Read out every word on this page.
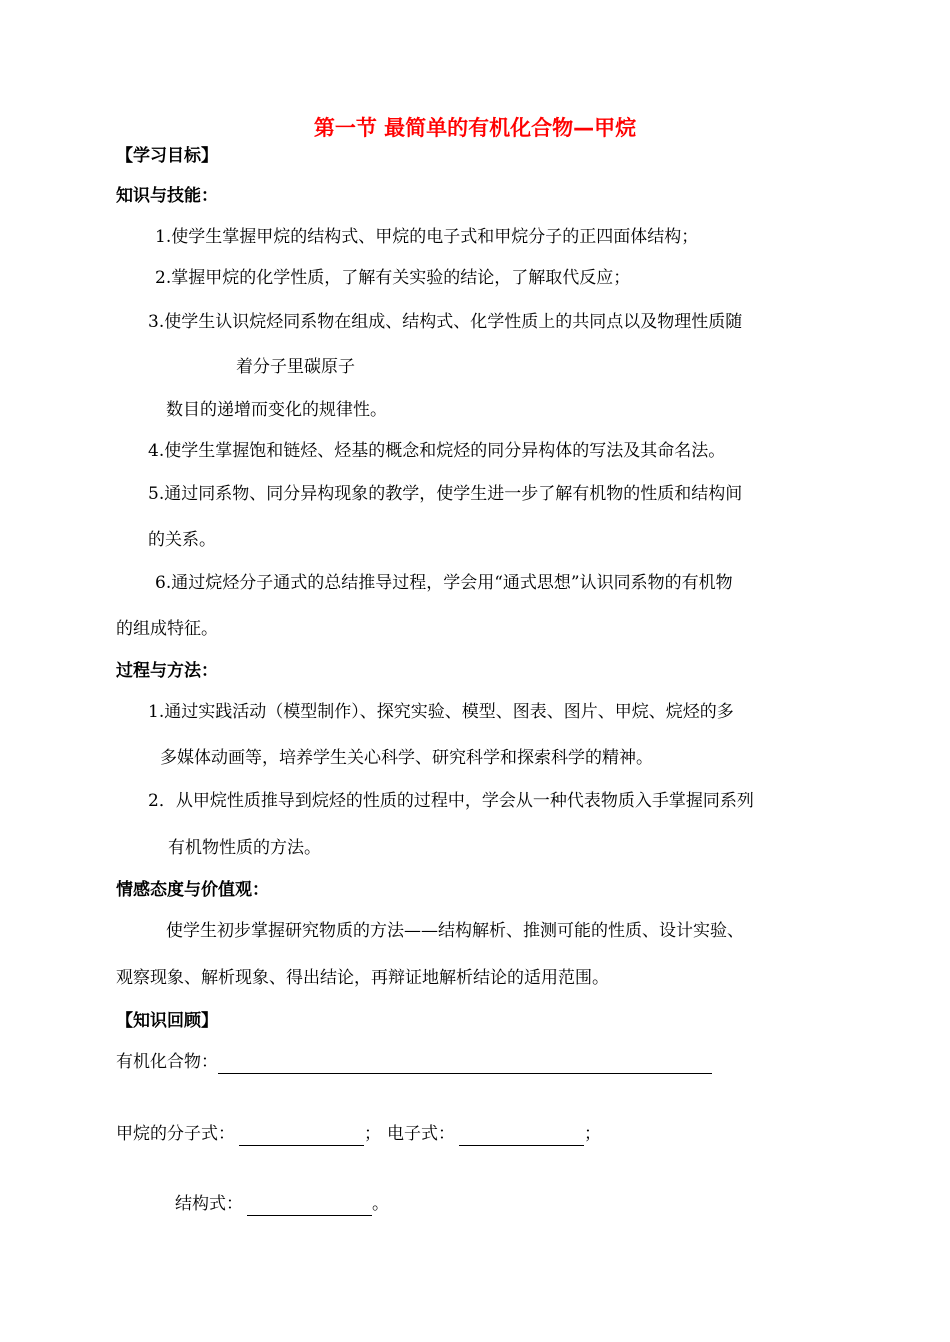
第一节 最简单的有机化合物—甲烷
【学习目标】
知识与技能：
1.使学生掌握甲烷的结构式、甲烷的电子式和甲烷分子的正四面体结构；
2.掌握甲烷的化学性质，了解有关实验的结论，了解取代反应；
3.使学生认识烷烃同系物在组成、结构式、化学性质上的共同点以及物理性质随
着分子里碳原子
数目的递增而变化的规律性。
4.使学生掌握饱和链烃、烃基的概念和烷烃的同分异构体的写法及其命名法。
5.通过同系物、同分异构现象的教学，使学生进一步了解有机物的性质和结构间
的关系。
6.通过烷烃分子通式的总结推导过程，学会用“通式思想”认识同系物的有机物
的组成特征。
过程与方法：
1.通过实践活动（模型制作）、探究实验、模型、图表、图片、甲烷、烷烃的多
多媒体动画等，培养学生关心科学、研究科学和探索科学的精神。
2．从甲烷性质推导到烷烃的性质的过程中，学会从一种代表物质入手掌握同系列
有机物性质的方法。
情感态度与价值观：
使学生初步掌握研究物质的方法——结构解析、推测可能的性质、设计实验、
观察现象、解析现象、得出结论，再辩证地解析结论的适用范围。
【知识回顾】
有机化合物：
甲烷的分子式：	； 电子式：	；
结构式：	。
